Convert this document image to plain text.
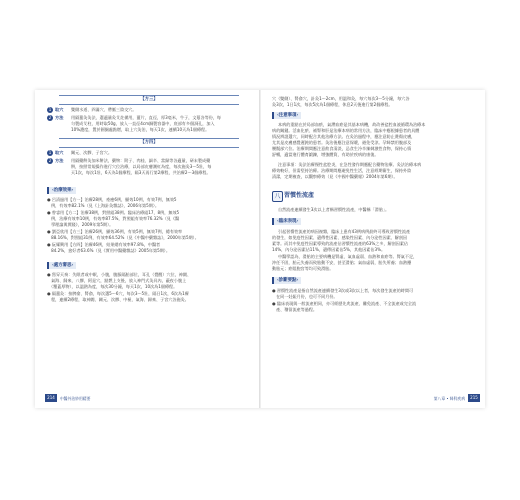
【方三】
1 取穴 雙側水道、四滿穴、帶脈三陰交穴。
2 方法 用隔薑灸灸法，選適量灸艾炷備用，薑片，直徑，厚3毫米，牛子，文蔓各等份，每
匀製成艾柱，用時取50g，放入一直徑4cm銅製容器中，底部有多個洞孔，加入
10%濃度，置於圓圈處點燃，取上穴灸治，每天1次，連續10天為1個療程。
【方四】
1 取穴 關元、次髎、子宮穴。
2 方法 用隔藥餅灸加米餅法，藥物：附子、肉桂、細辛、當歸等各適量，研末製成藥
餅，按照常規操作進行穴位治療，以局部皮膚潮紅為度，每次施灸3～5壯，每
天1次，每次1壯，6天為1個療程，隔3天再行第2療程，共治療2～3個療程。
‹治療效果›
● 呂清過用【方一】治療28例，痊癒6例，顯效10例，有效7例，無效5
　例，有效率82.1%（見《上海針灸雜誌》，2006年第5期）。
● 曾睿用【方二】治療38例，對照組38例。臨床治療組17，8例，無效5
　例，治療有效率10例，有效率87.5%，對照組有效率76.32%（見《醫
　學理論與實踐》，2009年第5期）。
● 劉亞欣用【方三】治療26例，顯效36例，有效5例，無效7例，總有效率
　88.16%，對照組31例，有效率64.52%（見《中醫中藥雜誌》，2000年第5期）。
● 阮耀興用【方四】治療46例，結果總有效率97.8%，中醫者
　84.2%，愈好者63.6%（見《實用中醫藥雜誌》2005年第5期）。
‹處方審思›
● 寫穿天奏：失眠者或中眠，小腹，腹脹隔胎部位，耳孔（覺醒）穴位，神闕、
　氣海、歸來、八髎，阿是穴，點燃上支後，放入神門式灸具內，蔽夜小腹上
　（覆蓋厚物），以溫熱為度，每次30分鐘，每天1次，10次為1個療程。
● 隔薑灸：按脾俞、腎俞，每次選5～6穴，每次3～5壯，隔日1次，6次為1療
　程，連續2療程，取神闕、關元、次髎、中極、氣海、歸來、子宮穴各施灸。
214	中醫外治妙用精要
穴（雙側）、腎俞穴，針灸1～2cm，用溫和灸，每穴每次3～5分鐘，每穴各
灸3次，1日1次，每次5次為1個療程，休息2天後進行第2個療程。
‹注意事項›
本病的重點在於局部血瘀，氣滯血瘀是其基本病機，故改善盆腔血液循環為治療本
病的關鍵。活血化瘀、補腎和肝是治療本病的常用方法，臨床中應根據患者的具體
情況辨證選穴，同時配合其他治療方法。在灸治過程中，應注意防止燙傷皮膚，
尤其是皮膚感覺遲鈍的患者。灸治後應注意保暖，避免受涼。孕婦禁用腹部及
腰骶部穴位。治療期間應注意飲食清淡，忌食生冷辛辣刺激性食物，保持心情
舒暢，適當進行體育鍛鍊，增強體質，有助於疾病的康復。
注意事項：灸法治療慢性盆腔炎，在急性發作期應配合藥物治療。灸法治療本病
療效較好，但需堅持治療。治療期間應避免性生活，注意經期衛生，保持外陰
清潔，定期複查，以觀察療效（見《中國中醫藥報》2004年第6期）。
八 習慣性流產
自然流產連續發生3次以上者稱習慣性流產，中醫稱「滑胎」。
‹臨床表現›
引起習慣性流產的病因複雜，臨床上患有43例病例最終可導致習慣性流產
的發生，如免疫性因素、遺傳性因素、感染性因素、內分泌性因素、解剖因
素等。而其中免疫性因素導致的流產佔習慣性流產的63%之多，解剖因素佔
14%，內分泌因素佔11%，遺傳因素佔5%，其他因素佔3%。
中醫學認為，滑胎的主要病機是腎虛、氣血虛弱、血熱和血瘀等。腎氣不足，
沖任不固，胎元失養而致胎動不安，甚至滑胎；氣血虛弱，胎失所養；血熱擾
動胎元；瘀阻胞宮等均可致滑胎。
‹診斷要點›
● 習慣性流產是指自然流產連續發生3次或3次以上者，每次發生流產的時間可
　在同一妊娠月份，也可不同月份。
● 臨床表現與一般流產相同，亦可經歷先兆流產、難免流產、不全流產或完全流
　產、稽留流產等過程。
第八章 • 婦科疾病	215
